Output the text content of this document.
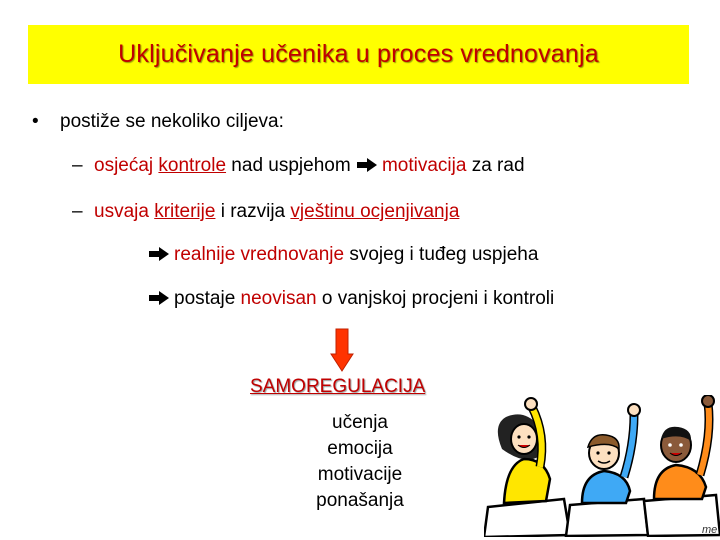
Uključivanje učenika u proces vrednovanja
• postiže se nekoliko ciljeva:
– osjećaj kontrole nad uspjehom motivacija za rad
– usvaja kriterije i razvija vještinu ocjenjivanja
realnije vrednovanje svojeg i tuđeg uspjeha
postaje neovisan o vanjskoj procjeni i kontroli
SAMOREGULACIJA
učenja
emocija
motivacije
ponašanja
me
